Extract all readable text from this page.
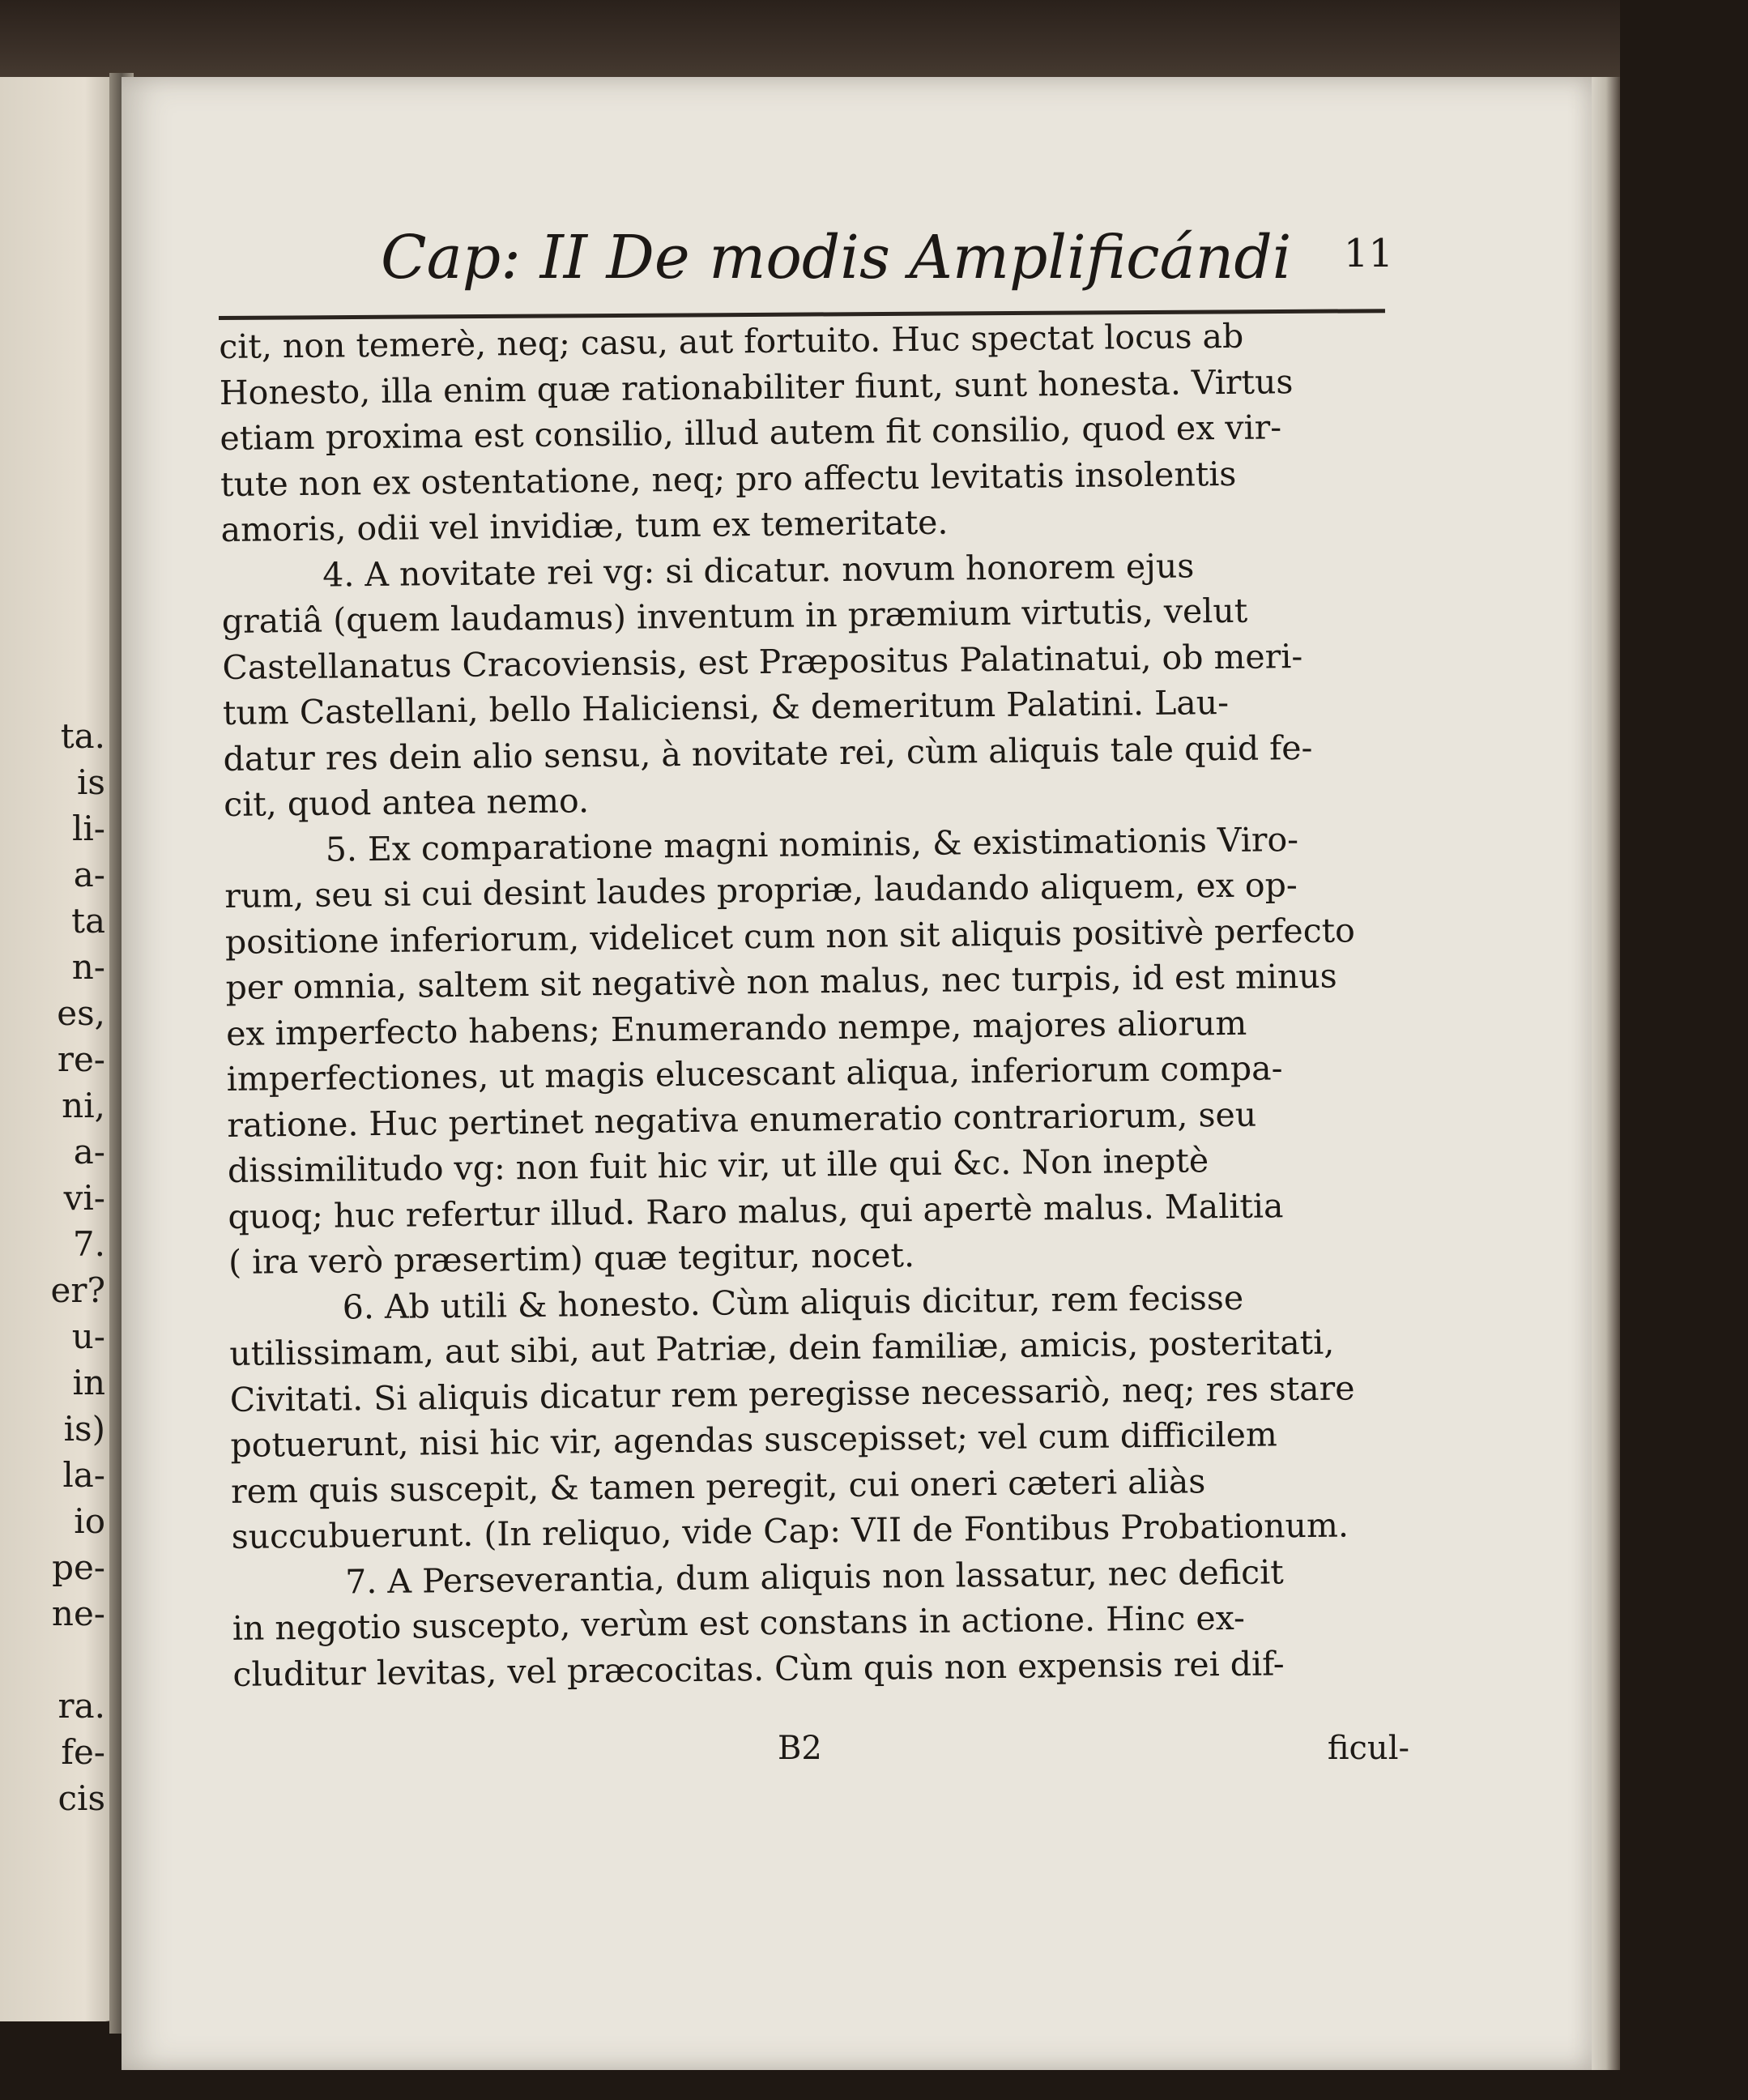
ta.
is
li-
a-
ta
n-
es,
re-
ni,
a-
vi-
7.
er?
u-
in
is)
la-
io
pe-
ne-

ra.
fe-
cis
Cap: II De modis Amplificándi 11
cit, non temerè, neq; casu, aut fortuito. Huc spectat locus ab
Honesto, illa enim quæ rationabiliter fiunt, sunt honesta. Virtus
etiam proxima est consilio, illud autem fit consilio, quod ex vir-
tute non ex ostentatione, neq; pro affectu levitatis insolentis
amoris, odii vel invidiæ, tum ex temeritate.
4. A novitate rei vg: si dicatur. novum honorem ejus
gratiâ (quem laudamus) inventum in præmium virtutis, velut
Castellanatus Cracoviensis, est Præpositus Palatinatui, ob meri-
tum Castellani, bello Haliciensi, & demeritum Palatini. Lau-
datur res dein alio sensu, à novitate rei, cùm aliquis tale quid fe-
cit, quod antea nemo.
5. Ex comparatione magni nominis, & existimationis Viro-
rum, seu si cui desint laudes propriæ, laudando aliquem, ex op-
positione inferiorum, videlicet cum non sit aliquis positivè perfecto
per omnia, saltem sit negativè non malus, nec turpis, id est minus
ex imperfecto habens; Enumerando nempe, majores aliorum
imperfectiones, ut magis elucescant aliqua, inferiorum compa-
ratione. Huc pertinet negativa enumeratio contrariorum, seu
dissimilitudo vg: non fuit hic vir, ut ille qui &c. Non ineptè
quoq; huc refertur illud. Raro malus, qui apertè malus. Malitia
( ira verò præsertim) quæ tegitur, nocet.
6. Ab utili & honesto. Cùm aliquis dicitur, rem fecisse
utilissimam, aut sibi, aut Patriæ, dein familiæ, amicis, posteritati,
Civitati. Si aliquis dicatur rem peregisse necessariò, neq; res stare
potuerunt, nisi hic vir, agendas suscepisset; vel cum difficilem
rem quis suscepit, & tamen peregit, cui oneri cæteri aliàs
succubuerunt. (In reliquo, vide Cap: VII de Fontibus Probationum.
7. A Perseverantia, dum aliquis non lassatur, nec deficit
in negotio suscepto, verùm est constans in actione. Hinc ex-
cluditur levitas, vel præcocitas. Cùm quis non expensis rei dif-
B2	ficul-
